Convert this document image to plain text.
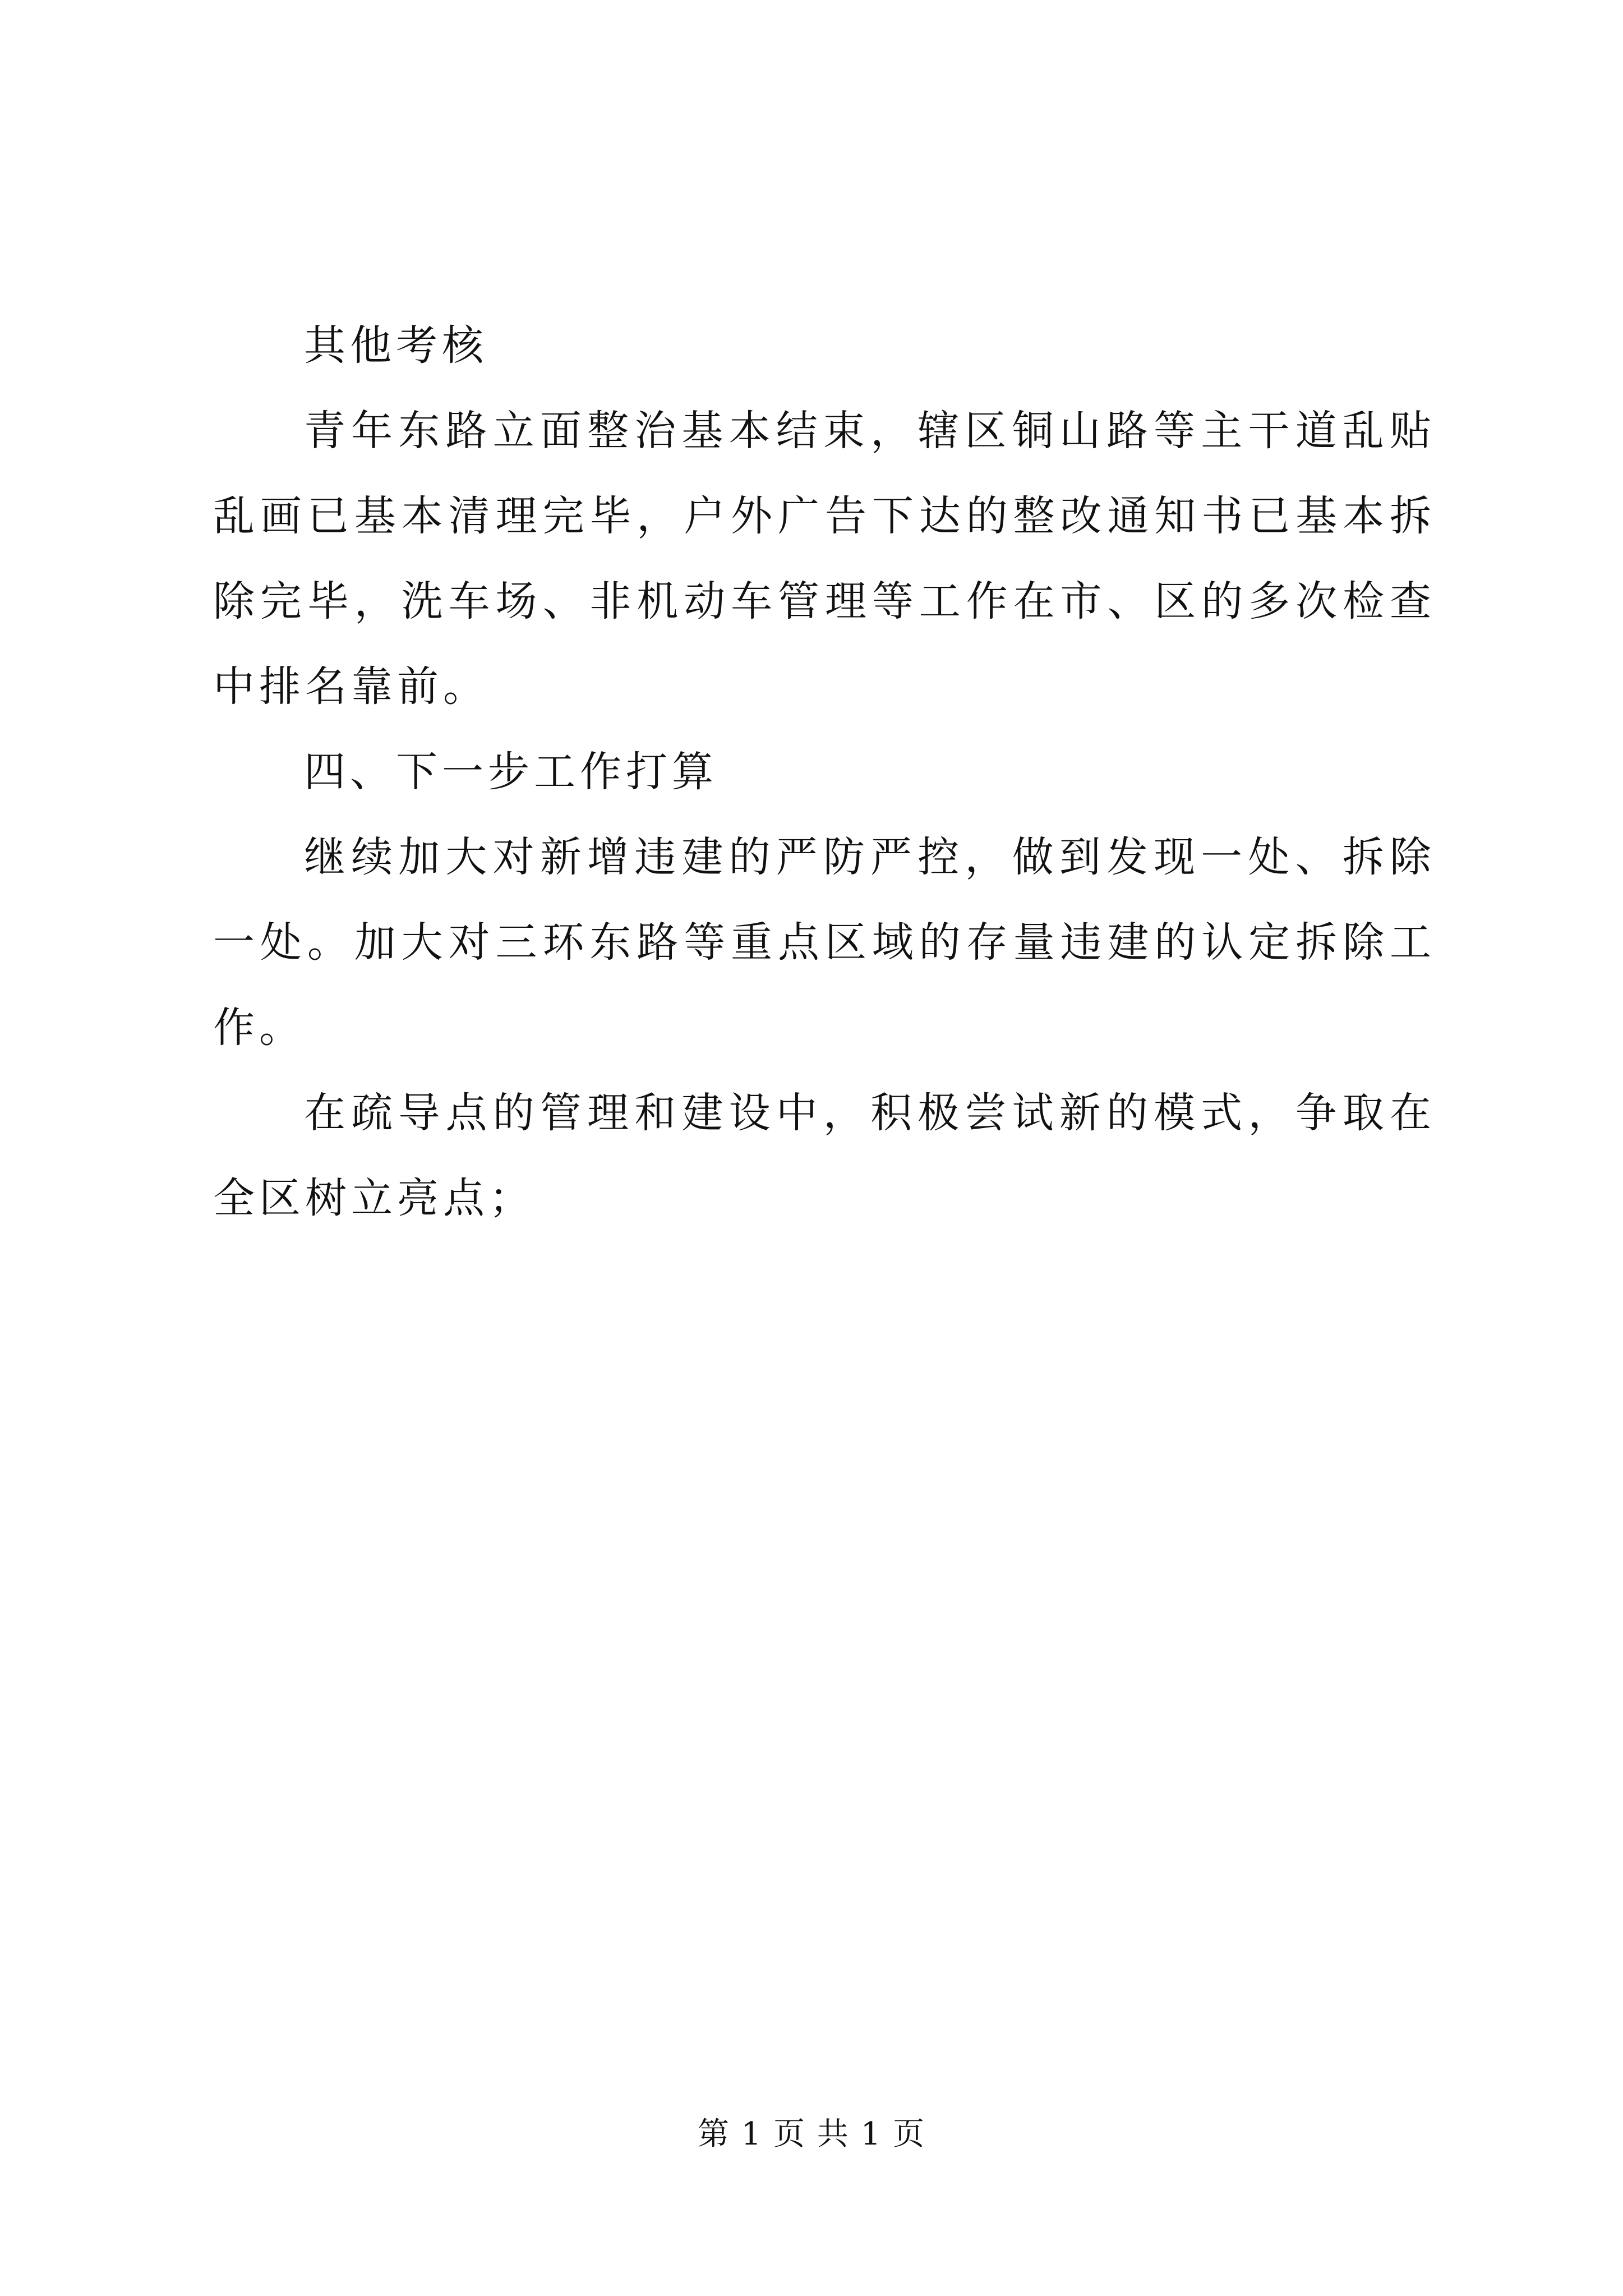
其他考核

青年东路立面整治基本结束，辖区铜山路等主干道乱贴乱画已基本清理完毕，户外广告下达的整改通知书已基本拆除完毕，洗车场、非机动车管理等工作在市、区的多次检查中排名靠前。

四、下一步工作打算

继续加大对新增违建的严防严控，做到发现一处、拆除一处。加大对三环东路等重点区域的存量违建的认定拆除工作。

在疏导点的管理和建设中，积极尝试新的模式，争取在全区树立亮点；

第 1 页 共 1 页
